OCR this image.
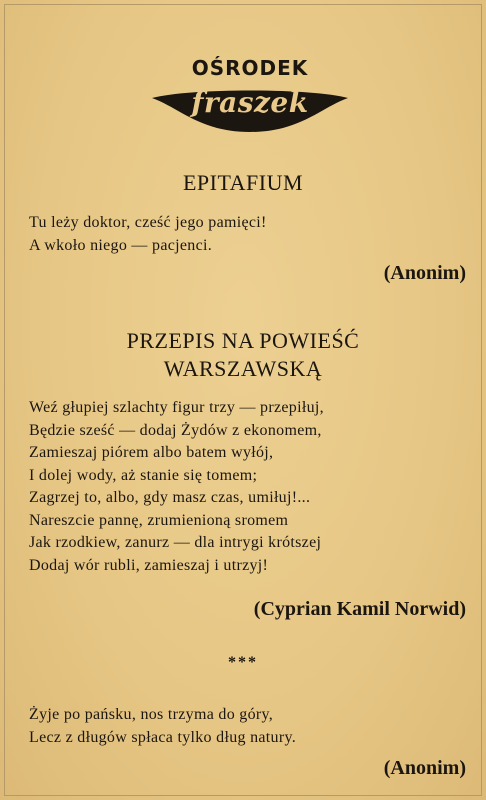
OŚRODEK
fraszek
EPITAFIUM
Tu leży doktor, cześć jego pamięci!
A wkoło niego — pacjenci.
(Anonim)
PRZEPIS NA POWIEŚĆ
WARSZAWSKĄ
Weź głupiej szlachty figur trzy — przepiłuj,
Będzie sześć — dodaj Żydów z ekonomem,
Zamieszaj piórem albo batem wyłój,
I dolej wody, aż stanie się tomem;
Zagrzej to, albo, gdy masz czas, umiłuj!...
Nareszcie pannę, zrumienioną sromem
Jak rzodkiew, zanurz — dla intrygi krótszej
Dodaj wór rubli, zamieszaj i utrzyj!
(Cyprian Kamil Norwid)
***
Żyje po pańsku, nos trzyma do góry,
Lecz z długów spłaca tylko dług natury.
(Anonim)
